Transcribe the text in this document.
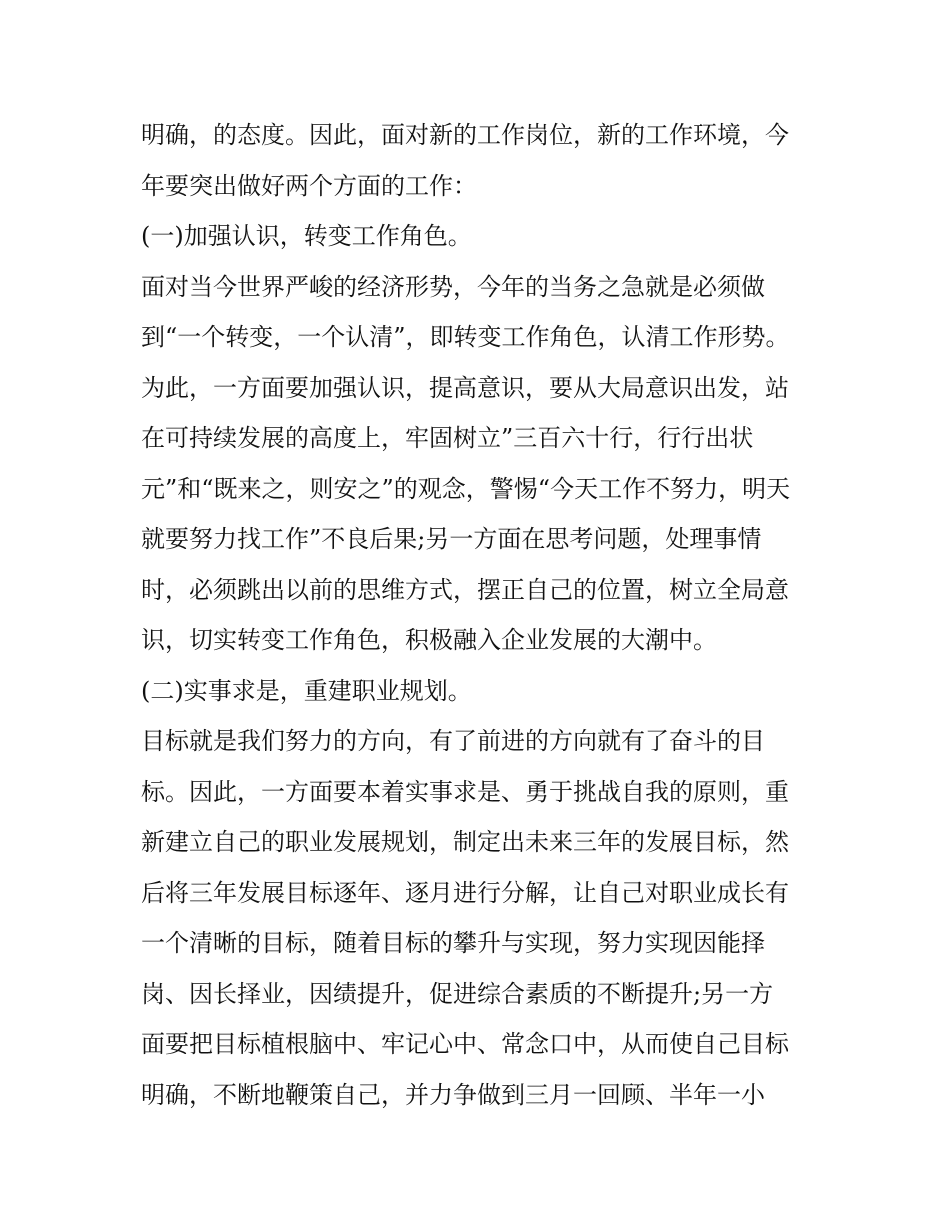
明确，的态度。因此，面对新的工作岗位，新的工作环境，今
年要突出做好两个方面的工作：
(一)加强认识，转变工作角色。
面对当今世界严峻的经济形势，今年的当务之急就是必须做
到“一个转变，一个认清”，即转变工作角色，认清工作形势。
为此，一方面要加强认识，提高意识，要从大局意识出发，站
在可持续发展的高度上，牢固树立”三百六十行，行行出状
元”和“既来之，则安之”的观念，警惕“今天工作不努力，明天
就要努力找工作”不良后果;另一方面在思考问题，处理事情
时，必须跳出以前的思维方式，摆正自己的位置，树立全局意
识，切实转变工作角色，积极融入企业发展的大潮中。
(二)实事求是，重建职业规划。
目标就是我们努力的方向，有了前进的方向就有了奋斗的目
标。因此，一方面要本着实事求是、勇于挑战自我的原则，重
新建立自己的职业发展规划，制定出未来三年的发展目标，然
后将三年发展目标逐年、逐月进行分解，让自己对职业成长有
一个清晰的目标，随着目标的攀升与实现，努力实现因能择
岗、因长择业，因绩提升，促进综合素质的不断提升;另一方
面要把目标植根脑中、牢记心中、常念口中，从而使自己目标
明确，不断地鞭策自己，并力争做到三月一回顾、半年一小
